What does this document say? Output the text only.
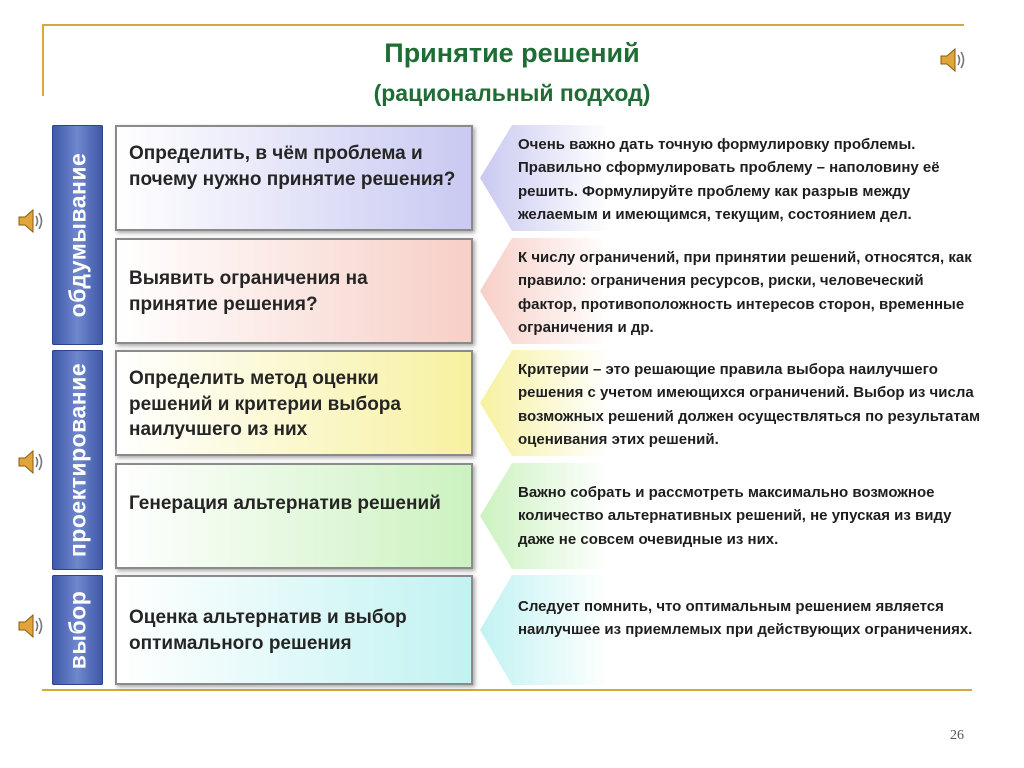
Принятие решений
(рациональный подход)
обдумывание
проектирование
выбор
Определить, в чём проблема и почему нужно принятие решения?
Выявить ограничения на принятие решения?
Определить метод оценки решений и критерии выбора наилучшего из них
Генерация альтернатив решений
Оценка альтернатив и выбор оптимального решения
Очень важно дать точную формулировку проблемы. Правильно сформулировать проблему – наполовину её решить. Формулируйте проблему как разрыв между желаемым и имеющимся, текущим, состоянием дел.
К числу ограничений, при принятии решений, относятся, как правило: ограничения ресурсов, риски, человеческий фактор, противоположность интересов сторон, временные ограничения и др.
Критерии – это решающие правила выбора наилучшего решения с учетом имеющихся ограничений. Выбор из числа возможных решений должен осуществляться по результатам оценивания этих решений.
Важно собрать и рассмотреть максимально возможное количество альтернативных решений, не упуская из виду даже не совсем очевидные из них.
Следует помнить, что оптимальным решением является наилучшее из приемлемых при действующих ограничениях.
26
